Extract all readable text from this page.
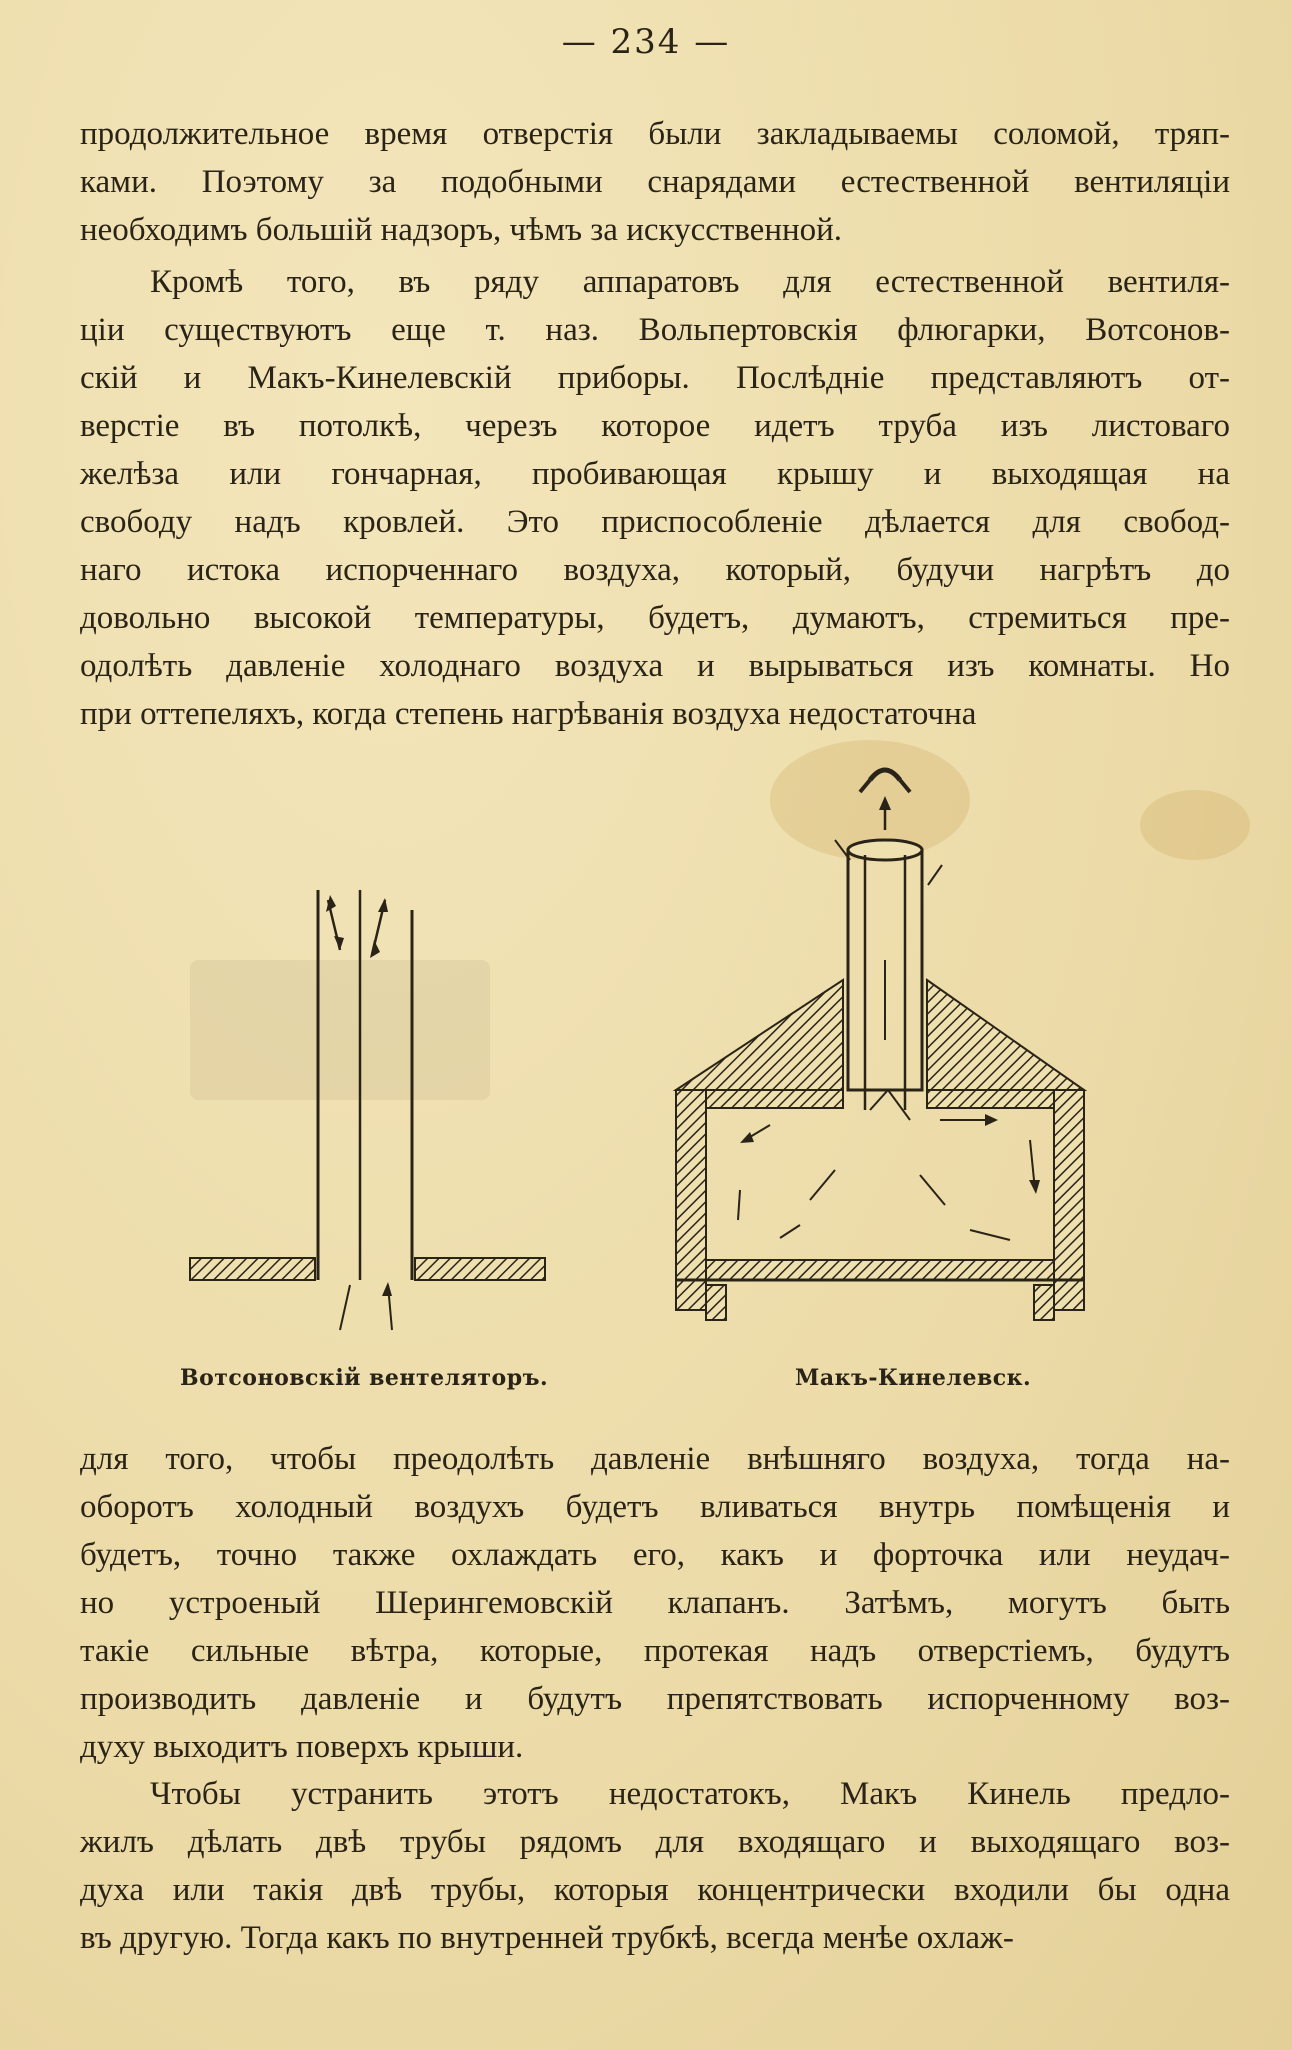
— 234 —
продолжительное время отверстія были закладываемы соломой, тряп-
ками. Поэтому за подобными снарядами естественной вентиляціи
необходимъ большій надзоръ, чѣмъ за искусственной.
Кромѣ того, въ ряду аппаратовъ для естественной вентиля-
ціи существуютъ еще т. наз. Вольпертовскія флюгарки, Вотсонов-
скій и Макъ-Кинелевскій приборы. Послѣдніе представляютъ от-
верстіе въ потолкѣ, черезъ которое идетъ труба изъ листоваго
желѣза или гончарная, пробивающая крышу и выходящая на
свободу надъ кровлей. Это приспособленіе дѣлается для свобод-
наго истока испорченнаго воздуха, который, будучи нагрѣтъ до
довольно высокой температуры, будетъ, думаютъ, стремиться пре-
одолѣть давленіе холоднаго воздуха и вырываться изъ комнаты. Но
при оттепеляхъ, когда степень нагрѣванія воздуха недостаточна
Вотсоновскій вентеляторъ.	Макъ-Кинелевск.
для того, чтобы преодолѣть давленіе внѣшняго воздуха, тогда на-
оборотъ холодный воздухъ будетъ вливаться внутрь помѣщенія и
будетъ, точно также охлаждать его, какъ и форточка или неудач-
но устроеный Шерингемовскій клапанъ. Затѣмъ, могутъ быть
такіе сильные вѣтра, которые, протекая надъ отверстіемъ, будутъ
производить давленіе и будутъ препятствовать испорченному воз-
духу выходитъ поверхъ крыши.
Чтобы устранить этотъ недостатокъ, Макъ Кинель предло-
жилъ дѣлать двѣ трубы рядомъ для входящаго и выходящаго воз-
духа или такія двѣ трубы, которыя концентрически входили бы одна
въ другую. Тогда какъ по внутренней трубкѣ, всегда менѣе охлаж-
